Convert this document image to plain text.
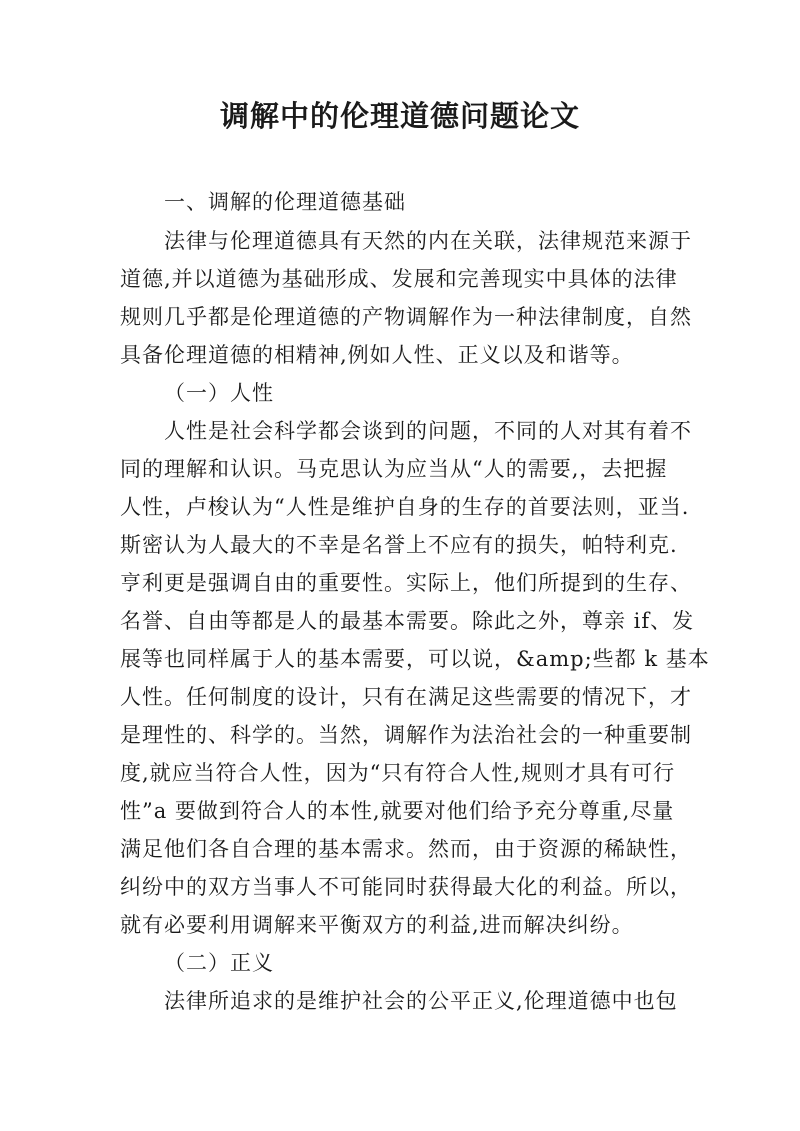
调解中的伦理道德问题论文
一、调解的伦理道德基础
法律与伦理道德具有天然的内在关联，法律规范来源于
道德,并以道德为基础形成、发展和完善现实中具体的法律
规则几乎都是伦理道德的产物调解作为一种法律制度，自然
具备伦理道德的相精神,例如人性、正义以及和谐等。
（一）人性
人性是社会科学都会谈到的问题，不同的人对其有着不
同的理解和认识。马克思认为应当从“人的需要,，去把握
人性，卢梭认为“人性是维护自身的生存的首要法则，亚当.
斯密认为人最大的不幸是名誉上不应有的损失，帕特利克.
亨利更是强调自由的重要性。实际上，他们所提到的生存、
名誉、自由等都是人的最基本需要。除此之外，尊亲 if、发
展等也同样属于人的基本需要，可以说，&amp;些都 k 基本
人性。任何制度的设计，只有在满足这些需要的情况下，才
是理性的、科学的。当然，调解作为法治社会的一种重要制
度,就应当符合人性，因为“只有符合人性,规则才具有可行
性”a 要做到符合人的本性,就要对他们给予充分尊重,尽量
满足他们各自合理的基本需求。然而，由于资源的稀缺性，
纠纷中的双方当事人不可能同时获得最大化的利益。所以，
就有必要利用调解来平衡双方的利益,进而解决纠纷。
（二）正义
法律所追求的是维护社会的公平正义,伦理道德中也包
